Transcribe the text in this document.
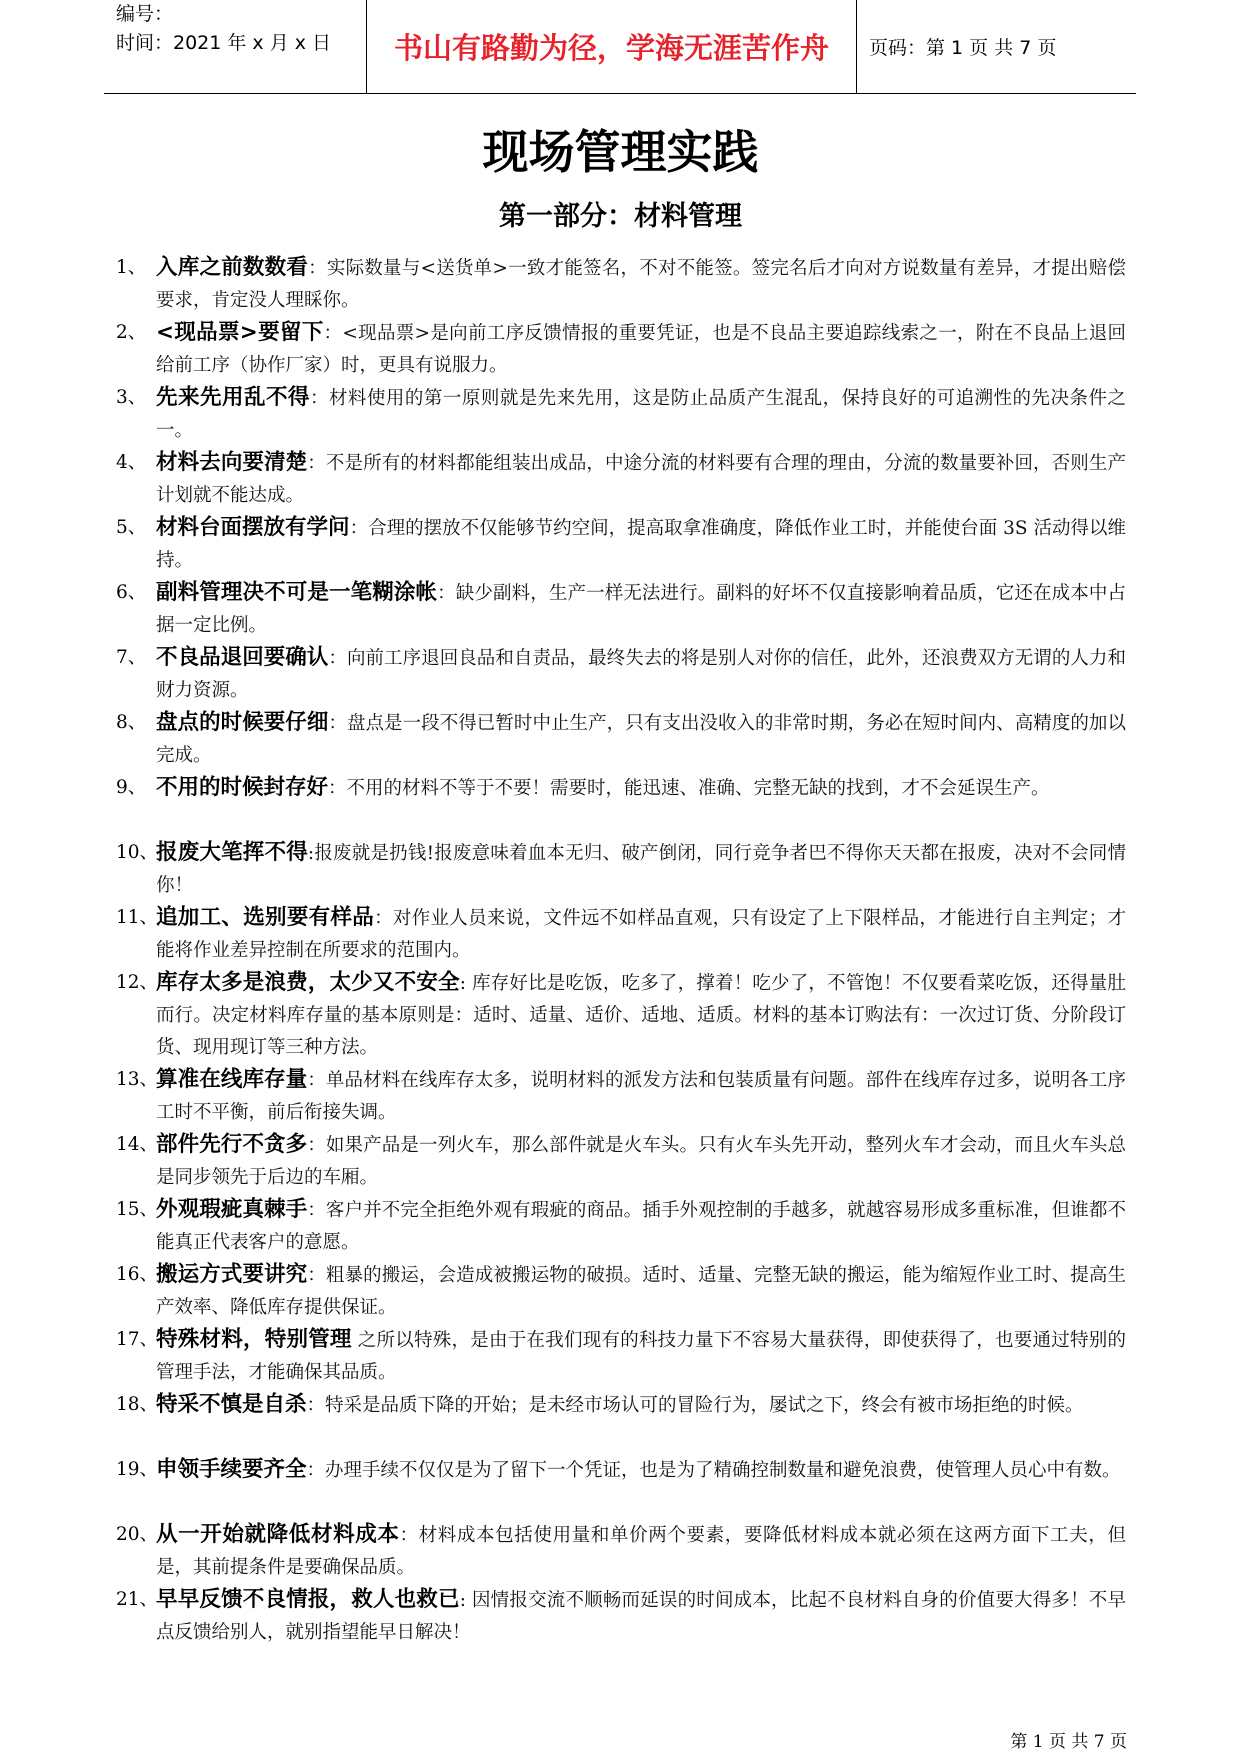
编号：
时间：2021 年 x 月 x 日	书山有路勤为径，学海无涯苦作舟	页码：第 1 页 共 7 页
现场管理实践
第一部分：材料管理
1、 入库之前数数看：实际数量与<送货单>一致才能签名，不对不能签。签完名后才向对方说数量有差异，才提出赔偿要求，肯定没人理睬你。
2、 <现品票>要留下：<现品票>是向前工序反馈情报的重要凭证，也是不良品主要追踪线索之一，附在不良品上退回给前工序（协作厂家）时，更具有说服力。
3、 先来先用乱不得：材料使用的第一原则就是先来先用，这是防止品质产生混乱，保持良好的可追溯性的先决条件之一。
4、 材料去向要清楚：不是所有的材料都能组装出成品，中途分流的材料要有合理的理由，分流的数量要补回，否则生产计划就不能达成。
5、 材料台面摆放有学问：合理的摆放不仅能够节约空间，提高取拿准确度，降低作业工时，并能使台面 3S 活动得以维持。
6、 副料管理决不可是一笔糊涂帐：缺少副料，生产一样无法进行。副料的好坏不仅直接影响着品质，它还在成本中占据一定比例。
7、 不良品退回要确认：向前工序退回良品和自责品，最终失去的将是别人对你的信任，此外，还浪费双方无谓的人力和财力资源。
8、 盘点的时候要仔细：盘点是一段不得已暂时中止生产，只有支出没收入的非常时期，务必在短时间内、高精度的加以完成。
9、 不用的时候封存好：不用的材料不等于不要！需要时，能迅速、准确、完整无缺的找到，才不会延误生产。
10、
报废大笔挥不得:报废就是扔钱!报废意味着血本无归、破产倒闭，同行竞争者巴不得你天天都在报废，决对不会同情你！
11、
追加工、选别要有样品：对作业人员来说，文件远不如样品直观，只有设定了上下限样品，才能进行自主判定；才能将作业差异控制在所要求的范围内。
12、
库存太多是浪费，太少又不安全: 库存好比是吃饭，吃多了，撑着！吃少了，不管饱！不仅要看菜吃饭，还得量肚而行。决定材料库存量的基本原则是：适时、适量、适价、适地、适质。材料的基本订购法有：一次过订货、分阶段订货、现用现订等三种方法。
13、
算准在线库存量：单品材料在线库存太多，说明材料的派发方法和包装质量有问题。部件在线库存过多，说明各工序工时不平衡，前后衔接失调。
14、
部件先行不贪多：如果产品是一列火车，那么部件就是火车头。只有火车头先开动，整列火车才会动，而且火车头总是同步领先于后边的车厢。
15、
外观瑕疵真棘手：客户并不完全拒绝外观有瑕疵的商品。插手外观控制的手越多，就越容易形成多重标准，但谁都不能真正代表客户的意愿。
16、
搬运方式要讲究：粗暴的搬运，会造成被搬运物的破损。适时、适量、完整无缺的搬运，能为缩短作业工时、提高生产效率、降低库存提供保证。
17、
特殊材料，特别管理 之所以特殊，是由于在我们现有的科技力量下不容易大量获得，即使获得了，也要通过特别的管理手法，才能确保其品质。
18、
特采不慎是自杀：特采是品质下降的开始；是未经市场认可的冒险行为，屡试之下，终会有被市场拒绝的时候。
19、
申领手续要齐全：办理手续不仅仅是为了留下一个凭证，也是为了精确控制数量和避免浪费，使管理人员心中有数。
20、
从一开始就降低材料成本：材料成本包括使用量和单价两个要素，要降低材料成本就必须在这两方面下工夫，但是，其前提条件是要确保品质。
21、
早早反馈不良情报，救人也救已: 因情报交流不顺畅而延误的时间成本，比起不良材料自身的价值要大得多！不早点反馈给别人，就别指望能早日解决！
第 1 页 共 7 页
